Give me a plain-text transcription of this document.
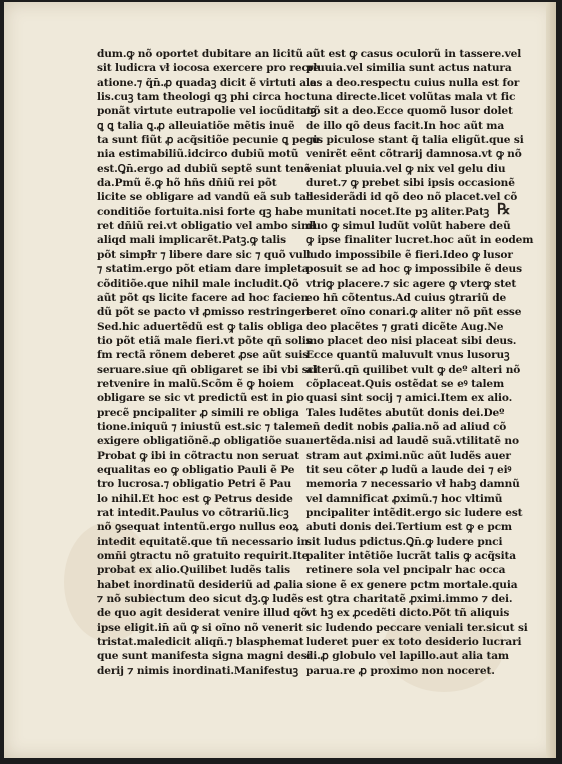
dum.ꝙ nõ oportet dubitare an licitũ
sit ludicra vł iocosa exercere pro recre
atione.⁊ q̃n̄.ꝓ quadaꝫ dicit ẽ virtuti aia
lis.cuꝫ tam theologi qꝫ phi circa hoc
ponãt virtute eutrapolie vel iocũditatꝫ
ꝗ ꝗ talia ꝗ.ꝓ alleuiatiõe mẽtis inuẽ
ta sunt fiũt ꝓ acq̃sitiõe pecunie ꝗ pecu
nia estimabiliũ.idcirco dubiũ motũ
est.Ꝗn̄.ergo ad dubiũ septẽ sunt tenẽ
da.Pmũ ẽ.ꝙ hõ hñs dñiũ rei põt
licite se obligare ad vandũ eã sub tali
conditiõe fortuita.nisi forte qꝫ habe
ret dñiũ rei.vt obligatio vel ambo simł
aliqd mali implicarẽt.Patꝫ.ꝙ talis
põt simpł̃r ⁊ libere dare sic ⁊ quõ vult
⁊ statim.ergo põt etiam dare impleta
cõditiõe.que nihil male includit.Qõ
aũt põt qs licite facere ad hoc facien
dũ põt se pacto vł ꝓmisso restringere
Sed.hic aduertẽdũ est ꝙ talis obliga
tio põt etiã male fieri.vt põte qñ solis
fm rectã rõnem deberet ꝓse aũt suis
seruare.siue qñ obligaret se ibi vbi sci
retvenire in malũ.Scõm ẽ ꝙ hoiem
obligare se sic vt predictũ est in ꝑio
precẽ pncipaliter ꝓ simili re obliga
tione.iniquũ ⁊ iniustũ est.sic ⁊ talem
exigere obligatiõnẽ.ꝓ obligatiõe sua.
Probat ꝙ ibi in cõtractu non seruat
equalitas eo ꝙ obligatio Pauli ẽ Pe
tro lucrosa.⁊ obligatio Petri ẽ Pau
lo nihil.Et hoc est ꝙ Petrus deside
rat intedit.Paulus vo cõtrariũ.licꝫ
nõ ꝯsequat intentũ.ergo nullus eoꝝ
intedit equitatẽ.que tñ necessario in
omñi ꝯtractu nõ gratuito requirit.Ite
probat ex alio.Quilibet ludẽs talis
habet inordinatũ desideriũ ad ꝓalia
⁊ nõ subiectum deo sicut dꝫ.ꝙ ludẽs
de quo agit desiderat venire illud qõ
ipse eligit.in̄ aũ ꝙ si oĩno nõ venerit
tristat.maledicit aliqñ.⁊ blasphemat
que sunt manifesta signa magni desi
derij ⁊ nimis inordinati.Manifestuꝫ
aũt est ꝙ casus oculorũ in tassere.vel
pluuia.vel similia sunt actus natura
les a deo.respectu cuius nulla est for
tuna directe.licet volũtas mala vt fic
nõ sit a deo.Ecce quomõ lusor dolet
de illo qõ deus facit.In hoc aũt ma
gis piculose stant q̃ talia eligũt.que si
venirẽt eẽnt cõtrarij damnosa.vt ꝙ nõ
veniat pluuia.vel ꝙ nix vel gelu diu
duret.⁊ ꝙ prebet sibi ipsis occasionẽ
desiderãdi id qõ deo nõ placet.vel cõ
munitati nocet.Ite pꝫ aliter.Patꝫ
duo ꝙ simul ludũt volũt habere deũ
ꝙ ipse finaliter lucret.hoc aũt in eodem
ludo impossibile ẽ fieri.Ideo ꝙ lusor
posuit se ad hoc ꝙ impossibile ẽ deus
vtriꝙ placere.⁊ sic agere ꝙ vterꝙ stet
eo hñ cõtentus.Ad cuius ꝯtrariũ de
beret oĩno conari.ꝙ aliter nõ pñt esse
deo placẽtes ⁊ grati dicẽte Aug.Ne
mo placet deo nisi placeat sibi deus.
Ecce quantũ maluvult vnus lusoruꝫ
alterũ.qñ quilibet vult ꝙ deº alteri nõ
cõplaceat.Quis ostẽdat se eꝰ talem
quasi sint socij ⁊ amici.Item ex alio.
Tales ludẽtes abutũt donis dei.Deº
eñ dedit nobis ꝓalia.nõ ad aliud cõ
uertẽda.nisi ad laudẽ suã.vtilitatẽ no
stram aut ꝓximi.nũc aũt ludẽs auer
tit seu cõter ꝓ ludũ a laude dei ⁊ eiꝰ
memoria ⁊ necessario vł habꝫ damnũ
vel damnificat ꝓximũ.⁊ hoc vltimũ
pncipaliter intẽdit.ergo sic ludere est
abuti donis dei.Tertium est ꝙ e pcm
sit ludus pdictus.Ꝗn̄.ꝙ ludere pnci
paliter intẽtiõe lucrãt talis ꝙ acq̃sita
retinere sola vel pncipalr hac occa
sione ẽ ex genere pctm mortale.quia
est ꝯtra charitatẽ ꝓximi.immo ⁊ dei.
vt hꝫ ex ꝓcedẽti dicto.Põt tñ aliquis
sic ludendo peccare veniali ter.sicut si
luderet puer ex toto desiderio lucrari
di.ꝓ globulo vel lapillo.aut alia tam
parua.re ꝓ proximo non noceret.
℞
